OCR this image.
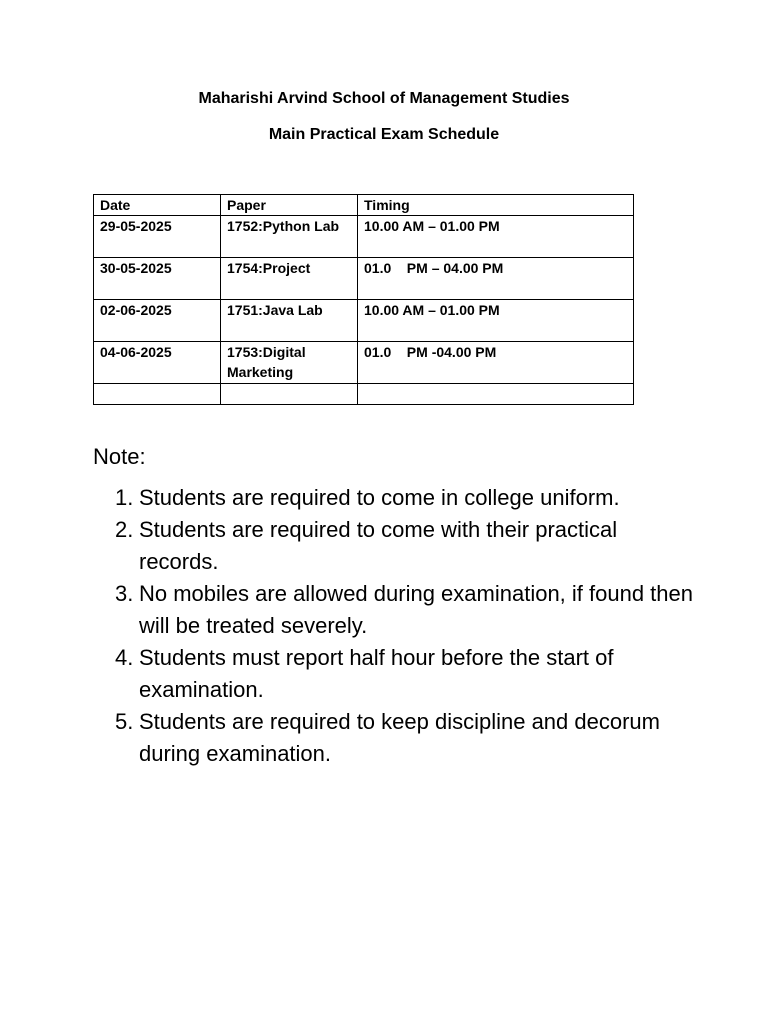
Maharishi Arvind School of Management Studies
Main Practical Exam Schedule
Date	Paper	Timing
29-05-2025	1752:Python Lab	10.00 AM – 01.00 PM
30-05-2025	1754:Project	01.0    PM – 04.00 PM
02-06-2025	1751:Java Lab	10.00 AM – 01.00 PM
04-06-2025	1753:Digital Marketing	01.0    PM -04.00 PM

Note:
1. Students are required to come in college uniform.
2. Students are required to come with their practical records.
3. No mobiles are allowed during examination, if found then will be treated severely.
4. Students must report half hour before the start of examination.
5. Students are required to keep discipline and decorum during examination.
